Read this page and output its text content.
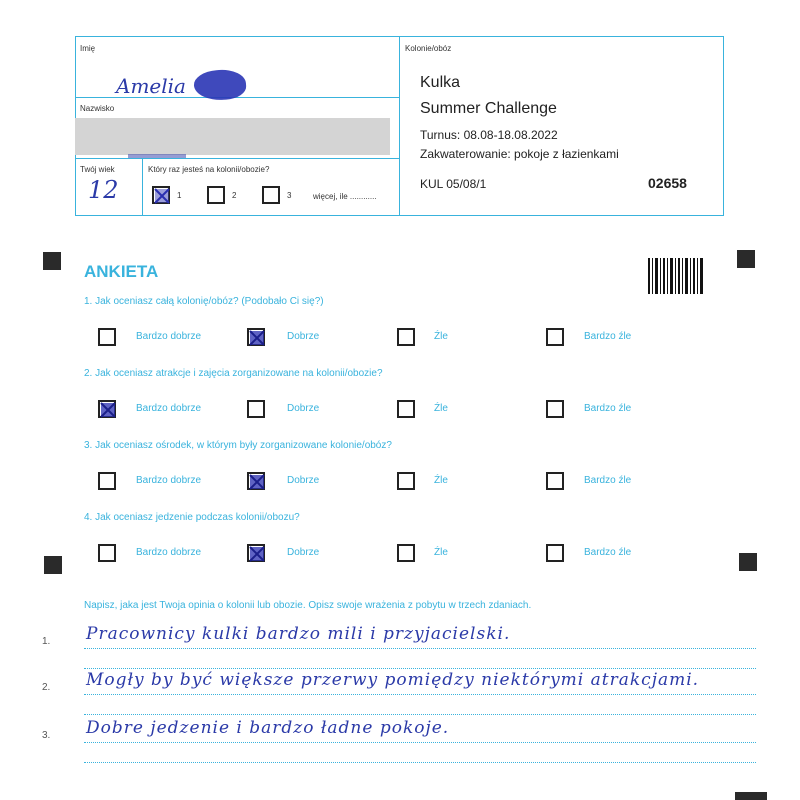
Imię
Amelia
Nazwisko
Twój wiek
12
Który raz jesteś na kolonii/obozie?
1	2	3	więcej, ile ............
Kolonie/obóz
Kulka
Summer Challenge
Turnus: 08.08-18.08.2022
Zakwaterowanie: pokoje z łazienkami
KUL 05/08/1	02658
ANKIETA
1. Jak oceniasz całą kolonię/obóz? (Podobało Ci się?)
Bardzo dobrze	Dobrze	Źle	Bardzo źle
2. Jak oceniasz atrakcje i zajęcia zorganizowane na kolonii/obozie?
Bardzo dobrze	Dobrze	Źle	Bardzo źle
3. Jak oceniasz ośrodek, w którym były zorganizowane kolonie/obóz?
Bardzo dobrze	Dobrze	Źle	Bardzo źle
4. Jak oceniasz jedzenie podczas kolonii/obozu?
Bardzo dobrze	Dobrze	Źle	Bardzo źle
Napisz, jaka jest Twoja opinia o kolonii lub obozie. Opisz swoje wrażenia z pobytu w trzech zdaniach.
1. Pracownicy kulki bardzo mili i przyjacielski.
2. Mogły by być większe przerwy pomiędzy niektórymi atrakcjami.
3. Dobre jedzenie i bardzo ładne pokoje.
